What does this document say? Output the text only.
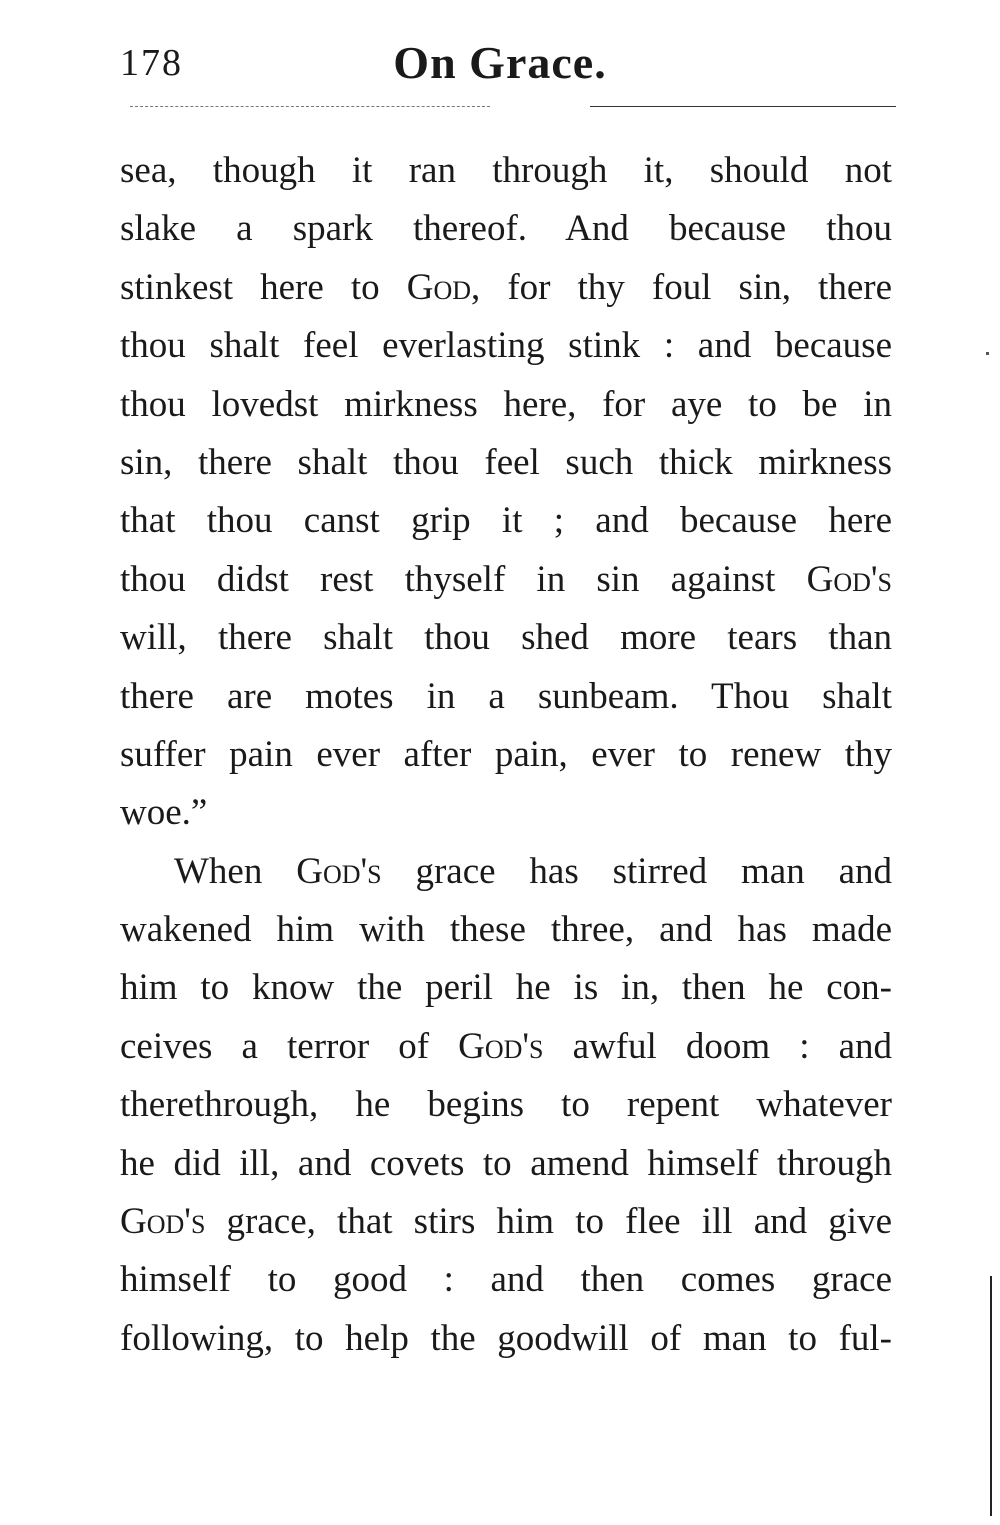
178	On Grace.
sea, though it ran through it, should not
slake a spark thereof. And because thou
stinkest here to God, for thy foul sin, there
thou shalt feel everlasting stink : and because
thou lovedst mirkness here, for aye to be in
sin, there shalt thou feel such thick mirkness
that thou canst grip it ; and because here
thou didst rest thyself in sin against God's
will, there shalt thou shed more tears than
there are motes in a sunbeam. Thou shalt
suffer pain ever after pain, ever to renew thy
woe.”
When God's grace has stirred man and
wakened him with these three, and has made
him to know the peril he is in, then he con-
ceives a terror of God's awful doom : and
therethrough, he begins to repent whatever
he did ill, and covets to amend himself through
God's grace, that stirs him to flee ill and give
himself to good : and then comes grace
following, to help the goodwill of man to ful-
